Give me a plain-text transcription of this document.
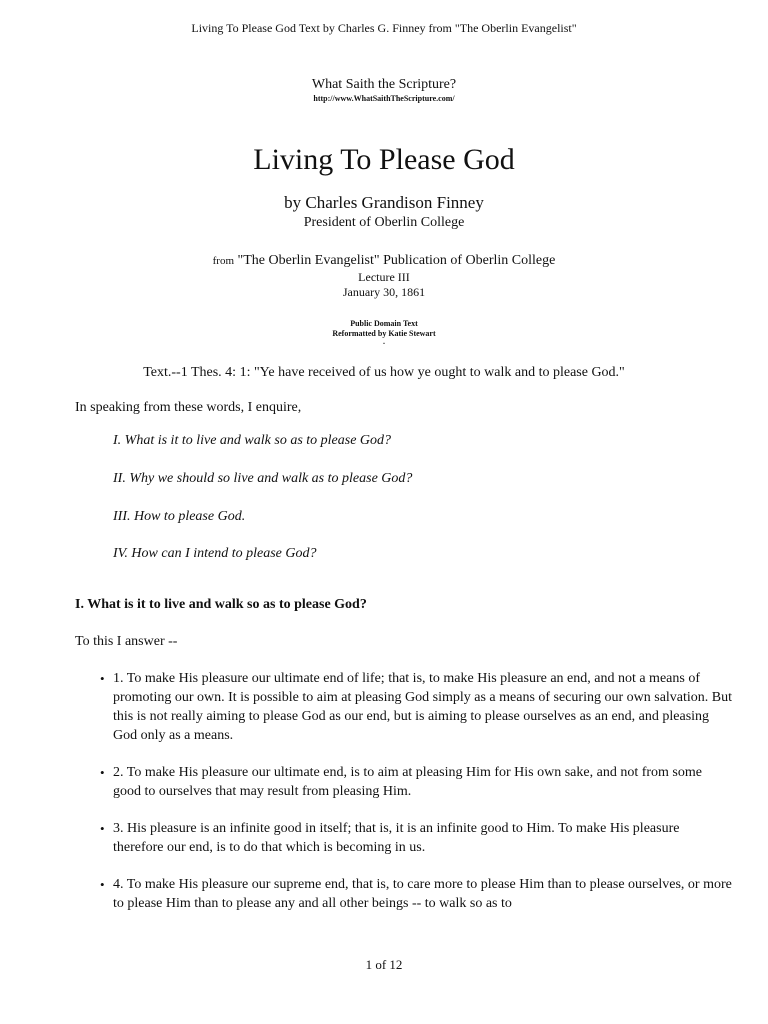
Living To Please God Text by Charles G. Finney from "The Oberlin Evangelist"
What Saith the Scripture?
http://www.WhatSaithTheScripture.com/
Living To Please God
by Charles Grandison Finney
President of Oberlin College
from "The Oberlin Evangelist" Publication of Oberlin College
Lecture III
January 30, 1861
Public Domain Text
Reformatted by Katie Stewart
.
Text.--1 Thes. 4: 1: "Ye have received of us how ye ought to walk and to please God."
In speaking from these words, I enquire,
I. What is it to live and walk so as to please God?
II. Why we should so live and walk as to please God?
III. How to please God.
IV. How can I intend to please God?
I. What is it to live and walk so as to please God?
To this I answer --
• 1. To make His pleasure our ultimate end of life; that is, to make His pleasure an end, and not a means of promoting our own. It is possible to aim at pleasing God simply as a means of securing our own salvation. But this is not really aiming to please God as our end, but is aiming to please ourselves as an end, and pleasing God only as a means.
• 2. To make His pleasure our ultimate end, is to aim at pleasing Him for His own sake, and not from some good to ourselves that may result from pleasing Him.
• 3. His pleasure is an infinite good in itself; that is, it is an infinite good to Him. To make His pleasure therefore our end, is to do that which is becoming in us.
• 4. To make His pleasure our supreme end, that is, to care more to please Him than to please ourselves, or more to please Him than to please any and all other beings -- to walk so as to
1 of 12
